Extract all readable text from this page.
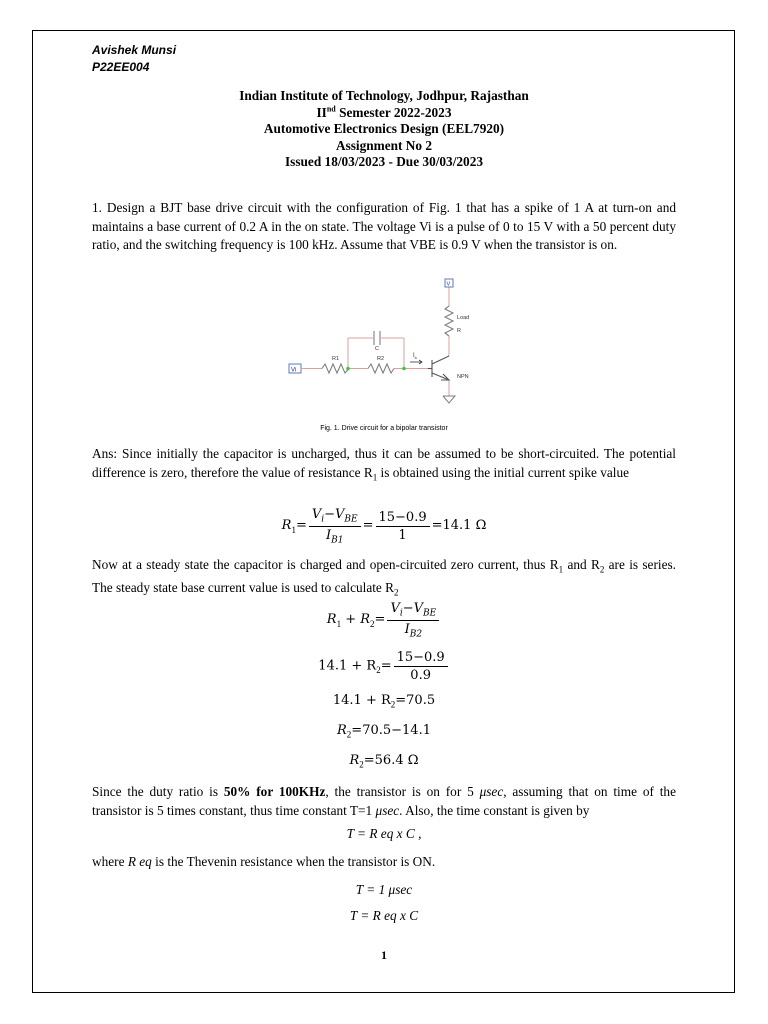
Avishek Munsi
P22EE004
Indian Institute of Technology, Jodhpur, Rajasthan
IInd Semester 2022-2023
Automotive Electronics Design (EEL7920)
Assignment No 2
Issued 18/03/2023 - Due 30/03/2023
1. Design a BJT base drive circuit with the configuration of Fig. 1 that has a spike of 1 A at turn-on and maintains a base current of 0.2 A in the on state. The voltage Vi is a pulse of 0 to 15 V with a 50 percent duty ratio, and the switching frequency is 100 kHz. Assume that VBE is 0.9 V when the transistor is on.
Vi
R1	R2
C
$I_b$
NPN
Load
R
V
Fig. 1. Drive circuit for a bipolar transistor
Ans: Since initially the capacitor is uncharged, thus it can be assumed to be short-circuited. The potential difference is zero, therefore the value of resistance $R_1$ is obtained using the initial current spike value
$R_1= \frac{V_i-V_{BE}}{I_{B1}} = \frac{15-0.9}{1} =14.1$ Ω
Now at a steady state the capacitor is charged and open-circuited zero current, thus $R_1$ and $R_2$ are is series. The steady state base current value is used to calculate $R_2$
$R_1 + R_2= \frac{V_i-V_{BE}}{I_{B2}}$
$14.1 + R_2= \frac{15-0.9}{0.9}$
$14.1 + R_2=70.5$
$R_2=70.5-14.1$
$R_2=56.4$ Ω
Since the duty ratio is 50% for 100KHz, the transistor is on for 5 μsec, assuming that on time of the transistor is 5 times constant, thus time constant T=1 μsec. Also, the time constant is given by
T = R eq x C ,
where R eq is the Thevenin resistance when the transistor is ON.
T = 1 μsec
T = R eq x C
1
